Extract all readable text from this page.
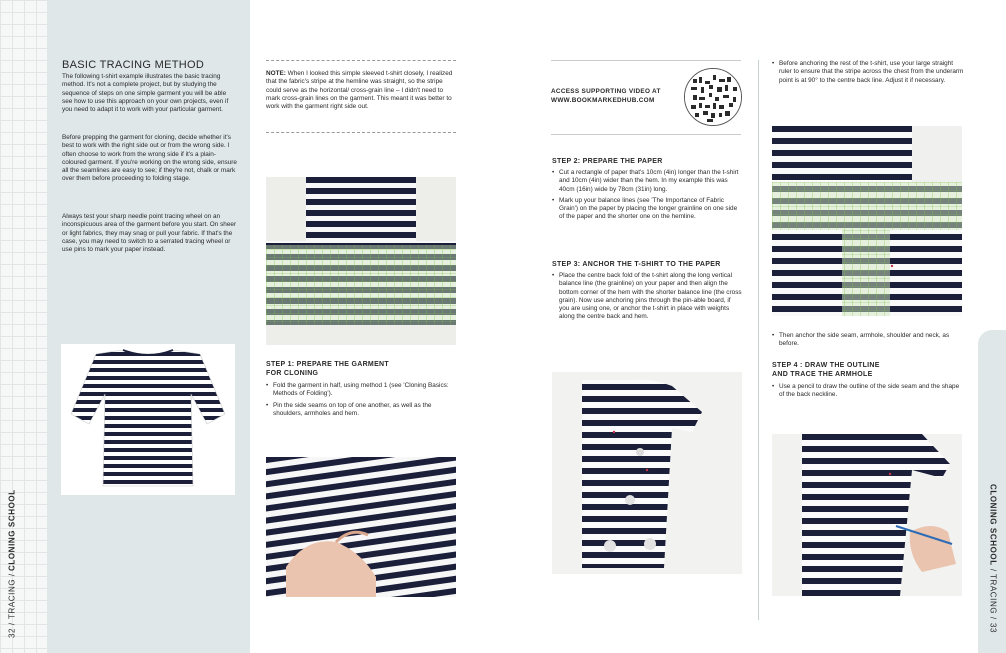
32
/
TRACING
/
CLONING SCHOOL	CLONING SCHOOL
/
TRACING
/
33
BASIC TRACING METHOD

The following t-shirt example illustrates the basic tracing method. It's not a complete project, but by studying the sequence of steps on one simple garment you will be able see how to use this approach on your own projects, even if you need to adapt it to work with your particular garment.

Before prepping the garment for cloning, decide whether it's best to work with the right side out or from the wrong side. I often choose to work from the wrong side if it's a plain-coloured garment. If you're working on the wrong side, ensure all the seamlines are easy to see; if they're not, chalk or mark over them before proceeding to folding stage.

Always test your sharp needle point tracing wheel on an inconspicuous area of the garment before you start. On sheer or light fabrics, they may snag or pull your fabric. If that's the case, you may need to switch to a serrated tracing wheel or use pins to mark your paper instead.

NOTE: When I looked this simple sleeved t-shirt closely, I realized that the fabric's stripe at the hemline was straight, so the stripe could serve as the horizontal/ cross-grain line – I didn't need to mark cross-grain lines on the garment. This meant it was better to work with the garment right side out.

STEP 1: PREPARE THE GARMENT
FOR CLONING
• Fold the garment in half, using method 1 (see 'Cloning Basics: Methods of Folding').
• Pin the side seams on top of one another, as well as the shoulders, armholes and hem.
ACCESS SUPPORTING VIDEO AT
WWW.BOOKMARKEDHUB.COM
STEP 2: PREPARE THE PAPER
• Cut a rectangle of paper that's 10cm (4in) longer than the t-shirt and 10cm (4in) wider than the hem. In my example this was 40cm (16in) wide by 78cm (31in) long.
• Mark up your balance lines (see 'The Importance of Fabric Grain') on the paper by placing the longer grainline on one side of the paper and the shorter one on the hemline.
STEP 3: ANCHOR THE T-SHIRT TO THE PAPER
• Place the centre back fold of the t-shirt along the long vertical balance line (the grainline) on your paper and then align the bottom corner of the hem with the shorter balance line (the cross grain). Now use anchoring pins through the pin-able board, if you are using one, or anchor the t-shirt in place with weights along the centre back and hem.
• Before anchoring the rest of the t-shirt, use your large straight ruler to ensure that the stripe across the chest from the underarm point is at 90° to the centre back line. Adjust it if necessary.
• Then anchor the side seam, armhole, shoulder and neck, as before.
STEP 4 : DRAW THE OUTLINE
AND TRACE THE ARMHOLE
• Use a pencil to draw the outline of the side seam and the shape of the back neckline.
